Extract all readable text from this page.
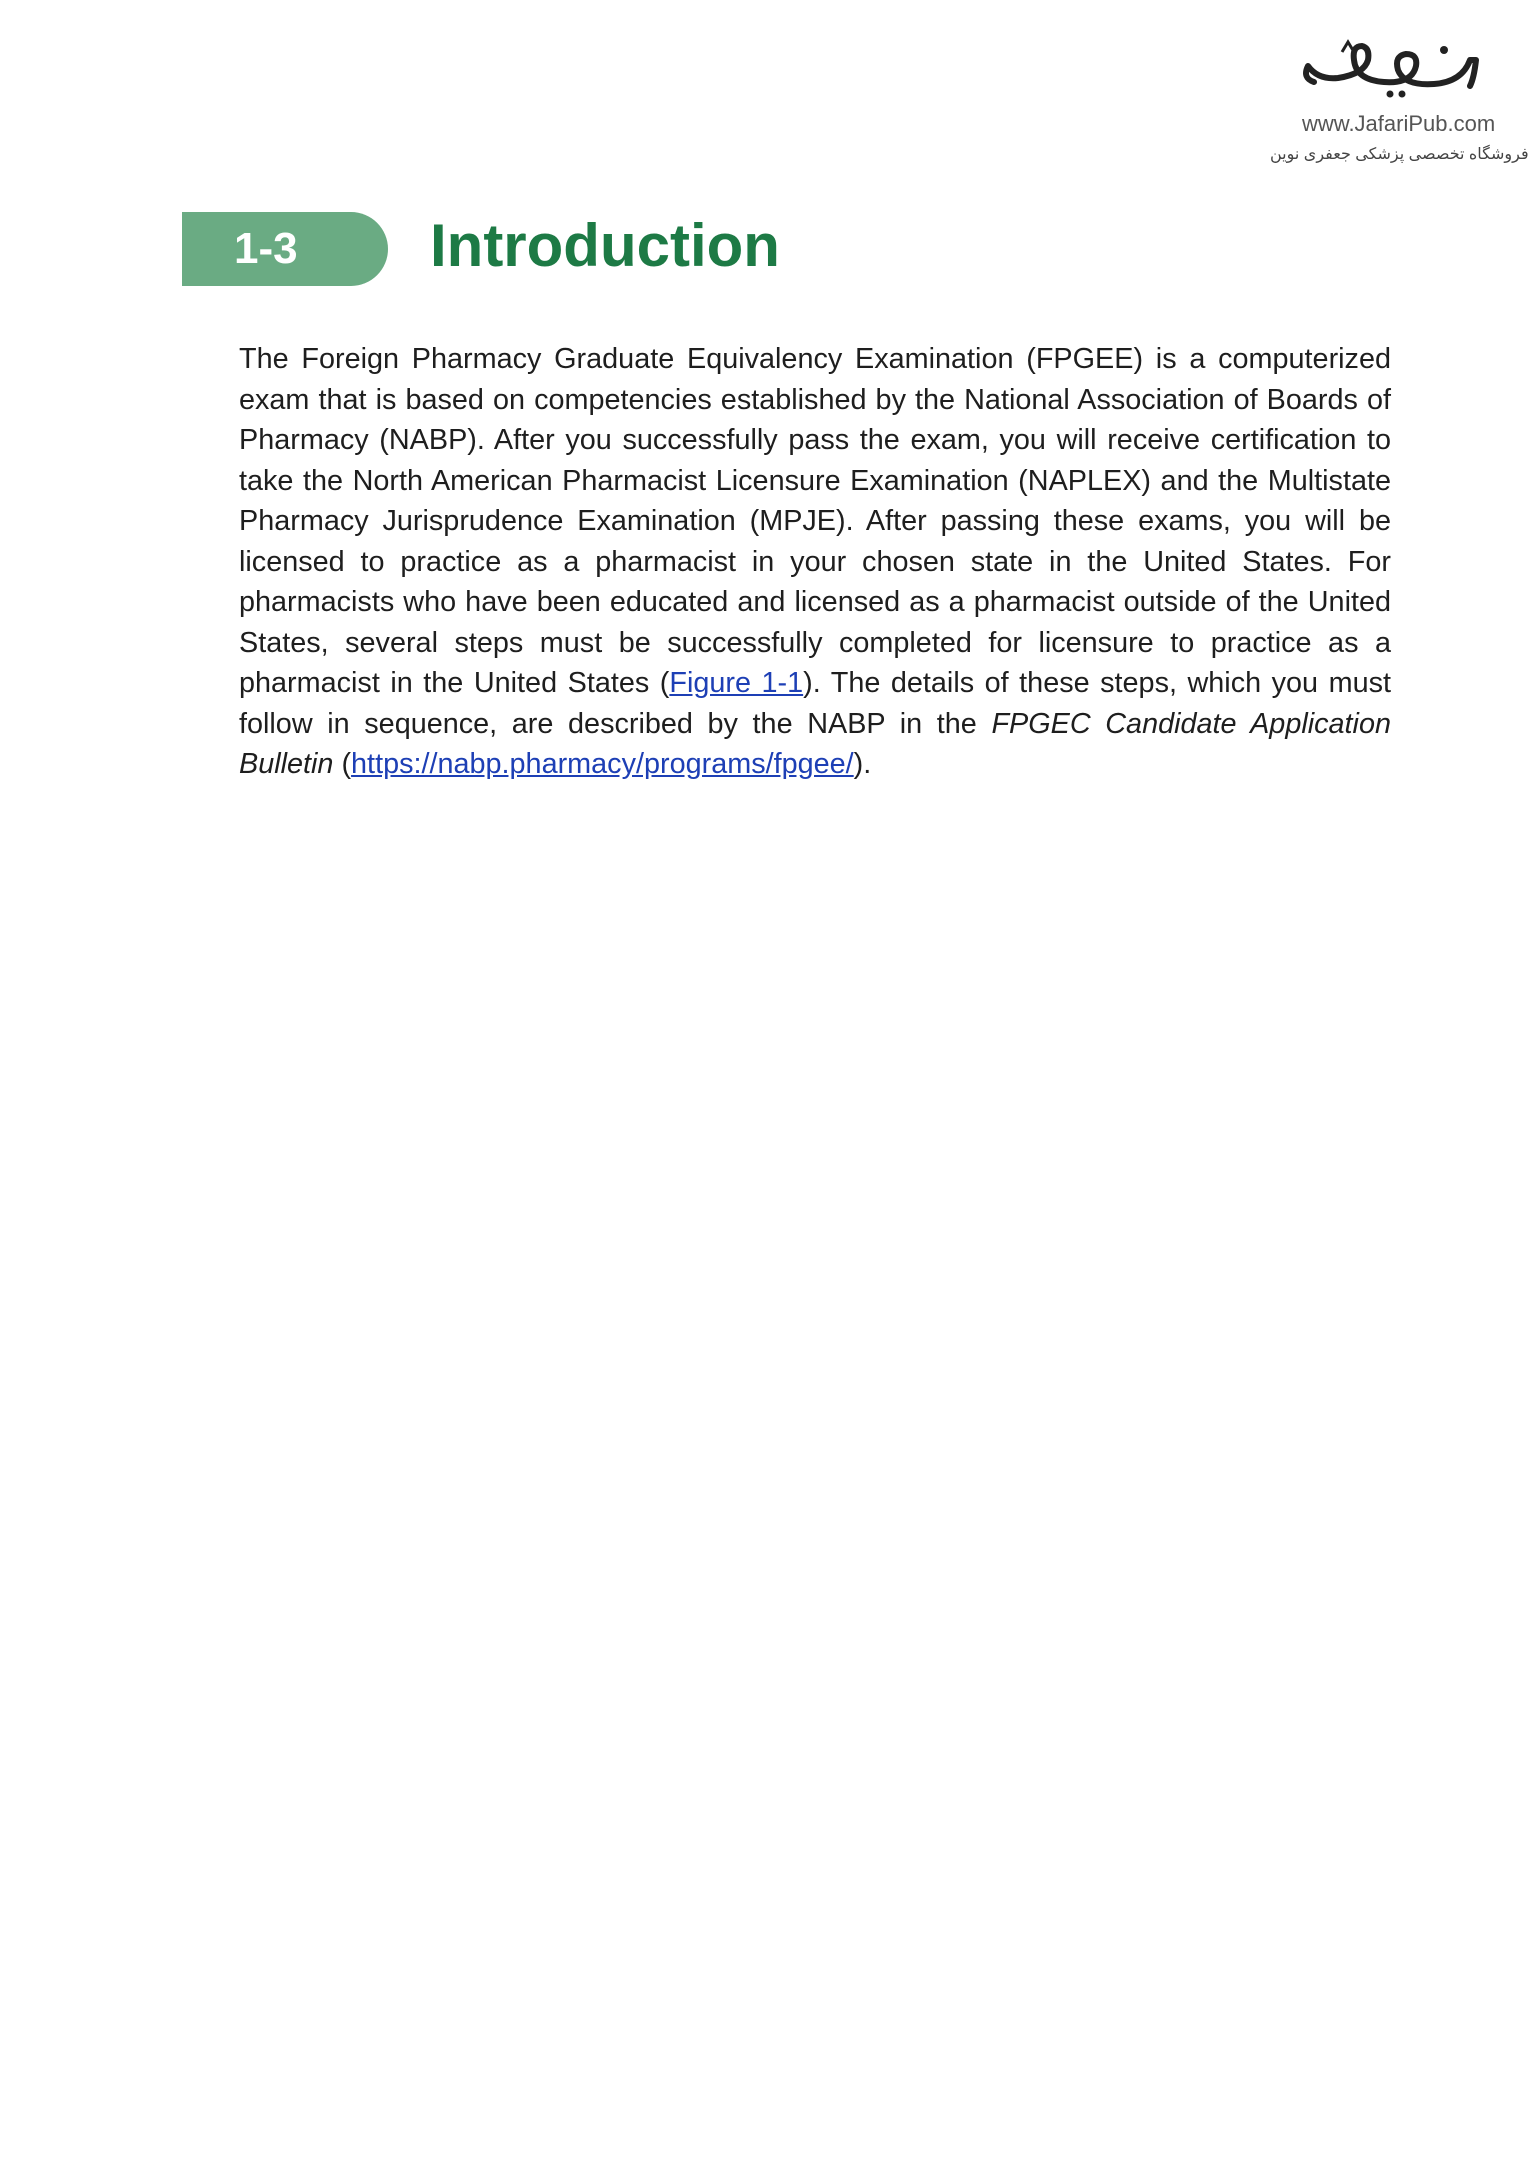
www.JafariPub.com
فروشگاه تخصصی پزشکی جعفری نوین
1-3	Introduction
The Foreign Pharmacy Graduate Equivalency Examination (FPGEE) is a computerized exam that is based on competencies established by the National Association of Boards of Pharmacy (NABP). After you successfully pass the exam, you will receive certification to take the North American Pharmacist Licensure Examination (NAPLEX) and the Multistate Pharmacy Jurisprudence Examination (MPJE). After passing these exams, you will be licensed to practice as a pharmacist in your chosen state in the United States. For pharmacists who have been educated and licensed as a pharmacist outside of the United States, several steps must be successfully completed for licensure to practice as a pharmacist in the United States (Figure 1-1). The details of these steps, which you must follow in sequence, are described by the NABP in the FPGEC Candidate Application Bulletin (https://nabp.pharmacy/programs/fpgee/).
